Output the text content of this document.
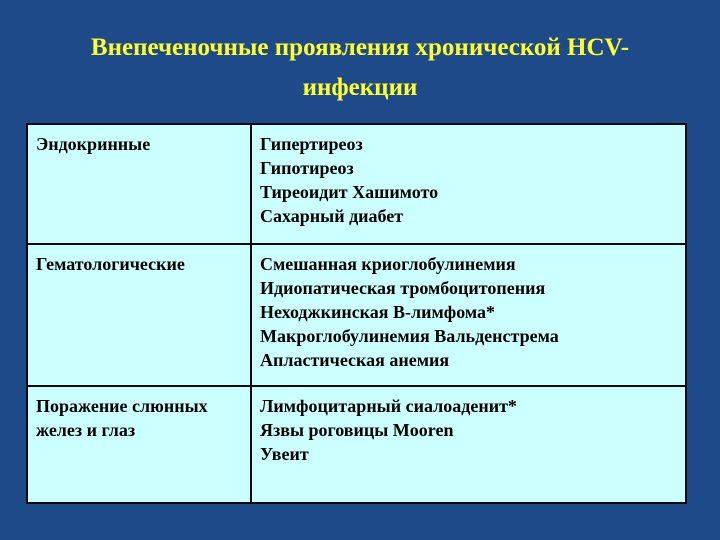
Внепеченочные проявления хронической HCV-
инфекции
Эндокринные	Гипертиреоз
Гипотиреоз
Тиреоидит Хашимото
Сахарный диабет

Гематологические	Смешанная криоглобулинемия
Идиопатическая тромбоцитопения
Неходжкинская В-лимфома*
Макроглобулинемия Вальденстрема
Апластическая анемия

Поражение слюнных желез и глаз	Лимфоцитарный сиалоаденит*
Язвы роговицы Mooren
Увеит
